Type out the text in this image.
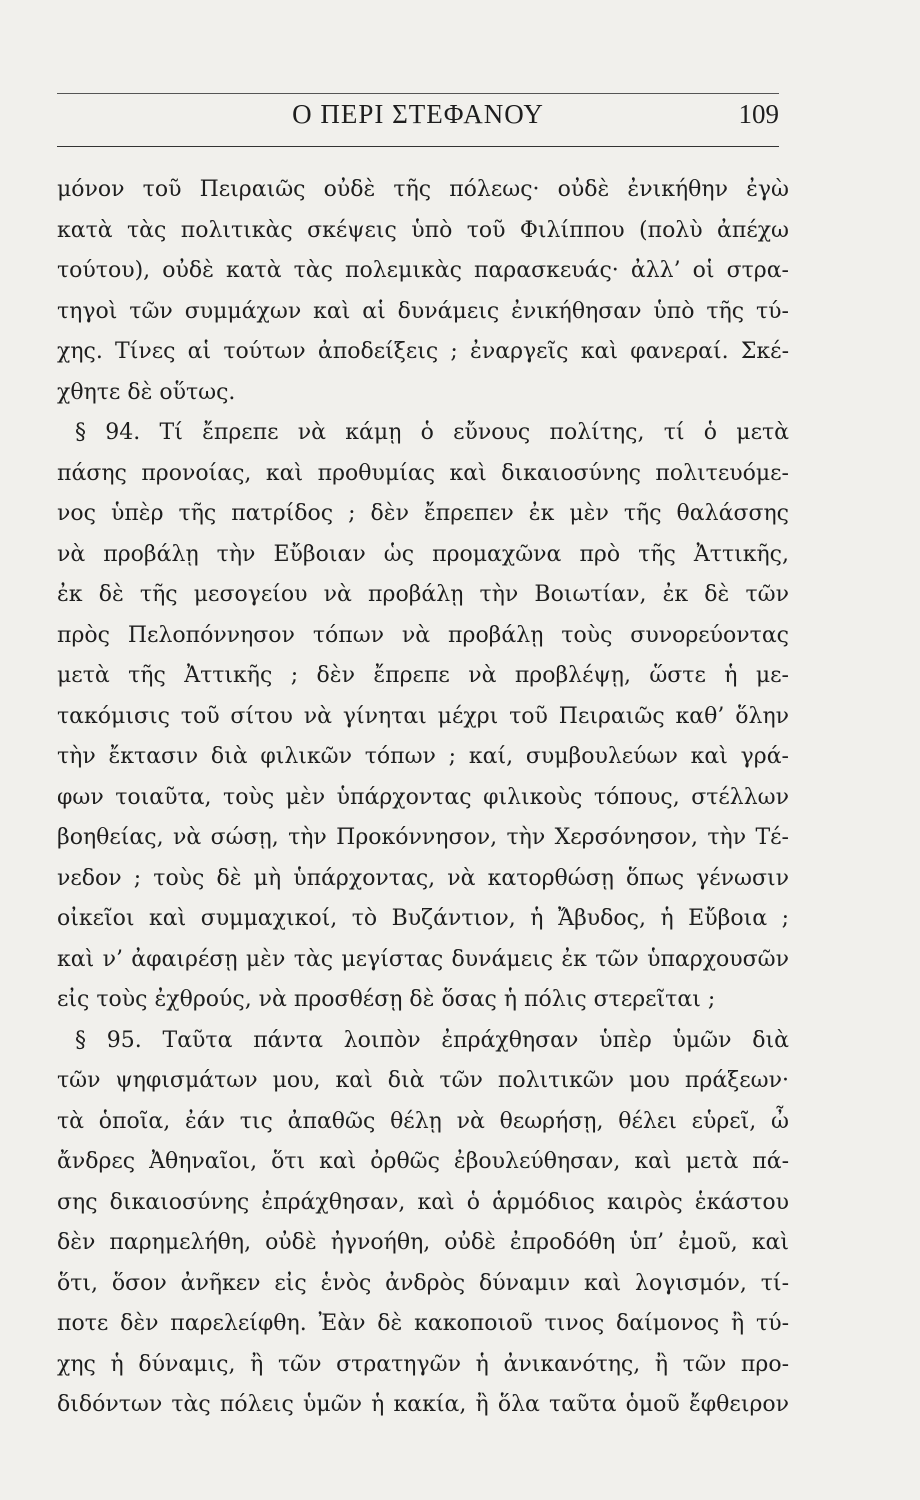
Ο ΠΕΡΙ ΣΤΕΦΑΝΟΥ	109
μόνον τοῦ Πειραιῶς οὐδὲ τῆς πόλεως· οὐδὲ ἐνικήθην ἐγὼ
κατὰ τὰς πολιτικὰς σκέψεις ὑπὸ τοῦ Φιλίππου (πολὺ ἀπέχω
τούτου), οὐδὲ κατὰ τὰς πολεμικὰς παρασκευάς· ἀλλ’ οἱ στρα-
τηγοὶ τῶν συμμάχων καὶ αἱ δυνάμεις ἐνικήθησαν ὑπὸ τῆς τύ-
χης. Τίνες αἱ τούτων ἀποδείξεις ; ἐναργεῖς καὶ φανεραί. Σκέ-
χθητε δὲ οὕτως.
§ 94. Τί ἔπρεπε νὰ κάμῃ ὁ εὔνους πολίτης, τί ὁ μετὰ
πάσης προνοίας, καὶ προθυμίας καὶ δικαιοσύνης πολιτευόμε-
νος ὑπὲρ τῆς πατρίδος ; δὲν ἔπρεπεν ἐκ μὲν τῆς θαλάσσης
νὰ προβάλῃ τὴν Εὔβοιαν ὡς προμαχῶνα πρὸ τῆς Ἀττικῆς,
ἐκ δὲ τῆς μεσογείου νὰ προβάλῃ τὴν Βοιωτίαν, ἐκ δὲ τῶν
πρὸς Πελοπόννησον τόπων νὰ προβάλῃ τοὺς συνορεύοντας
μετὰ τῆς Ἀττικῆς ; δὲν ἔπρεπε νὰ προβλέψῃ, ὥστε ἡ με-
τακόμισις τοῦ σίτου νὰ γίνηται μέχρι τοῦ Πειραιῶς καθ’ ὅλην
τὴν ἔκτασιν διὰ φιλικῶν τόπων ; καί, συμβουλεύων καὶ γρά-
φων τοιαῦτα, τοὺς μὲν ὑπάρχοντας φιλικοὺς τόπους, στέλλων
βοηθείας, νὰ σώσῃ, τὴν Προκόννησον, τὴν Χερσόνησον, τὴν Τέ-
νεδον ; τοὺς δὲ μὴ ὑπάρχοντας, νὰ κατορθώσῃ ὅπως γένωσιν
οἰκεῖοι καὶ συμμαχικοί, τὸ Βυζάντιον, ἡ Ἄβυδος, ἡ Εὔβοια ;
καὶ ν’ ἀφαιρέσῃ μὲν τὰς μεγίστας δυνάμεις ἐκ τῶν ὑπαρχουσῶν
εἰς τοὺς ἐχθρούς, νὰ προσθέσῃ δὲ ὅσας ἡ πόλις στερεῖται ;
§ 95. Ταῦτα πάντα λοιπὸν ἐπράχθησαν ὑπὲρ ὑμῶν διὰ
τῶν ψηφισμάτων μου, καὶ διὰ τῶν πολιτικῶν μου πράξεων·
τὰ ὁποῖα, ἐάν τις ἀπαθῶς θέλῃ νὰ θεωρήσῃ, θέλει εὑρεῖ, ὦ
ἄνδρες Ἀθηναῖοι, ὅτι καὶ ὀρθῶς ἐβουλεύθησαν, καὶ μετὰ πά-
σης δικαιοσύνης ἐπράχθησαν, καὶ ὁ ἁρμόδιος καιρὸς ἑκάστου
δὲν παρημελήθη, οὐδὲ ἠγνοήθη, οὐδὲ ἐπροδόθη ὑπ’ ἐμοῦ, καὶ
ὅτι, ὅσον ἀνῆκεν εἰς ἑνὸς ἀνδρὸς δύναμιν καὶ λογισμόν, τί-
ποτε δὲν παρελείφθη. Ἐὰν δὲ κακοποιοῦ τινος δαίμονος ἢ τύ-
χης ἡ δύναμις, ἢ τῶν στρατηγῶν ἡ ἀνικανότης, ἢ τῶν προ-
διδόντων τὰς πόλεις ὑμῶν ἡ κακία, ἢ ὅλα ταῦτα ὁμοῦ ἔφθειρον
